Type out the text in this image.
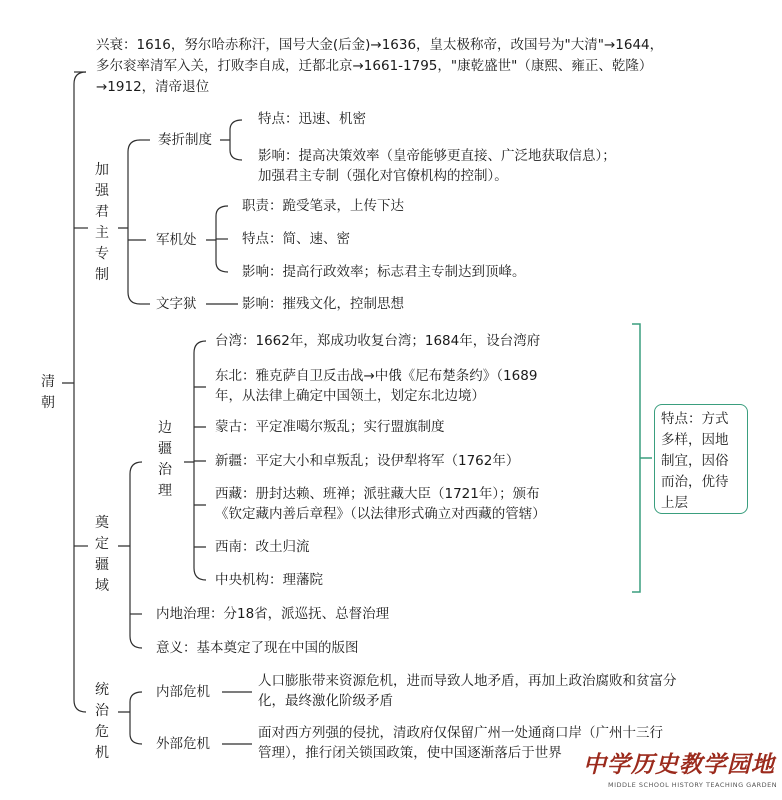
清朝
兴衰：1616，努尔哈赤称汗，国号大金(后金)→1636，皇太极称帝，改国号为"大清"→1644，
多尔衮率清军入关，打败李自成，迁都北京→1661-1795，"康乾盛世"（康熙、雍正、乾隆）
→1912，清帝退位
加强君主专制
奏折制度
特点：迅速、机密
影响：提高决策效率（皇帝能够更直接、广泛地获取信息）；
加强君主专制（强化对官僚机构的控制）。
军机处
职责：跪受笔录，上传下达
特点：简、速、密
影响：提高行政效率；标志君主专制达到顶峰。
文字狱	影响：摧残文化，控制思想
奠定疆域
边疆治理
台湾：1662年，郑成功收复台湾；1684年，设台湾府
东北：雅克萨自卫反击战→中俄《尼布楚条约》（1689
年，从法律上确定中国领土，划定东北边境）
蒙古：平定准噶尔叛乱；实行盟旗制度
新疆：平定大小和卓叛乱；设伊犁将军（1762年）
西藏：册封达赖、班禅；派驻藏大臣（1721年）；颁布
《钦定藏内善后章程》（以法律形式确立对西藏的管辖）
西南：改土归流
中央机构：理藩院
特点：方式多样，因地制宜，因俗而治，优待上层
内地治理：分18省，派巡抚、总督治理
意义：基本奠定了现在中国的版图
统治危机
内部危机
人口膨胀带来资源危机，进而导致人地矛盾，再加上政治腐败和贫富分
化，最终激化阶级矛盾
外部危机
面对西方列强的侵扰，清政府仅保留广州一处通商口岸（广州十三行
管理），推行闭关锁国政策，使中国逐渐落后于世界 中学历史教学园地
MIDDLE SCHOOL HISTORY TEACHING GARDEN
